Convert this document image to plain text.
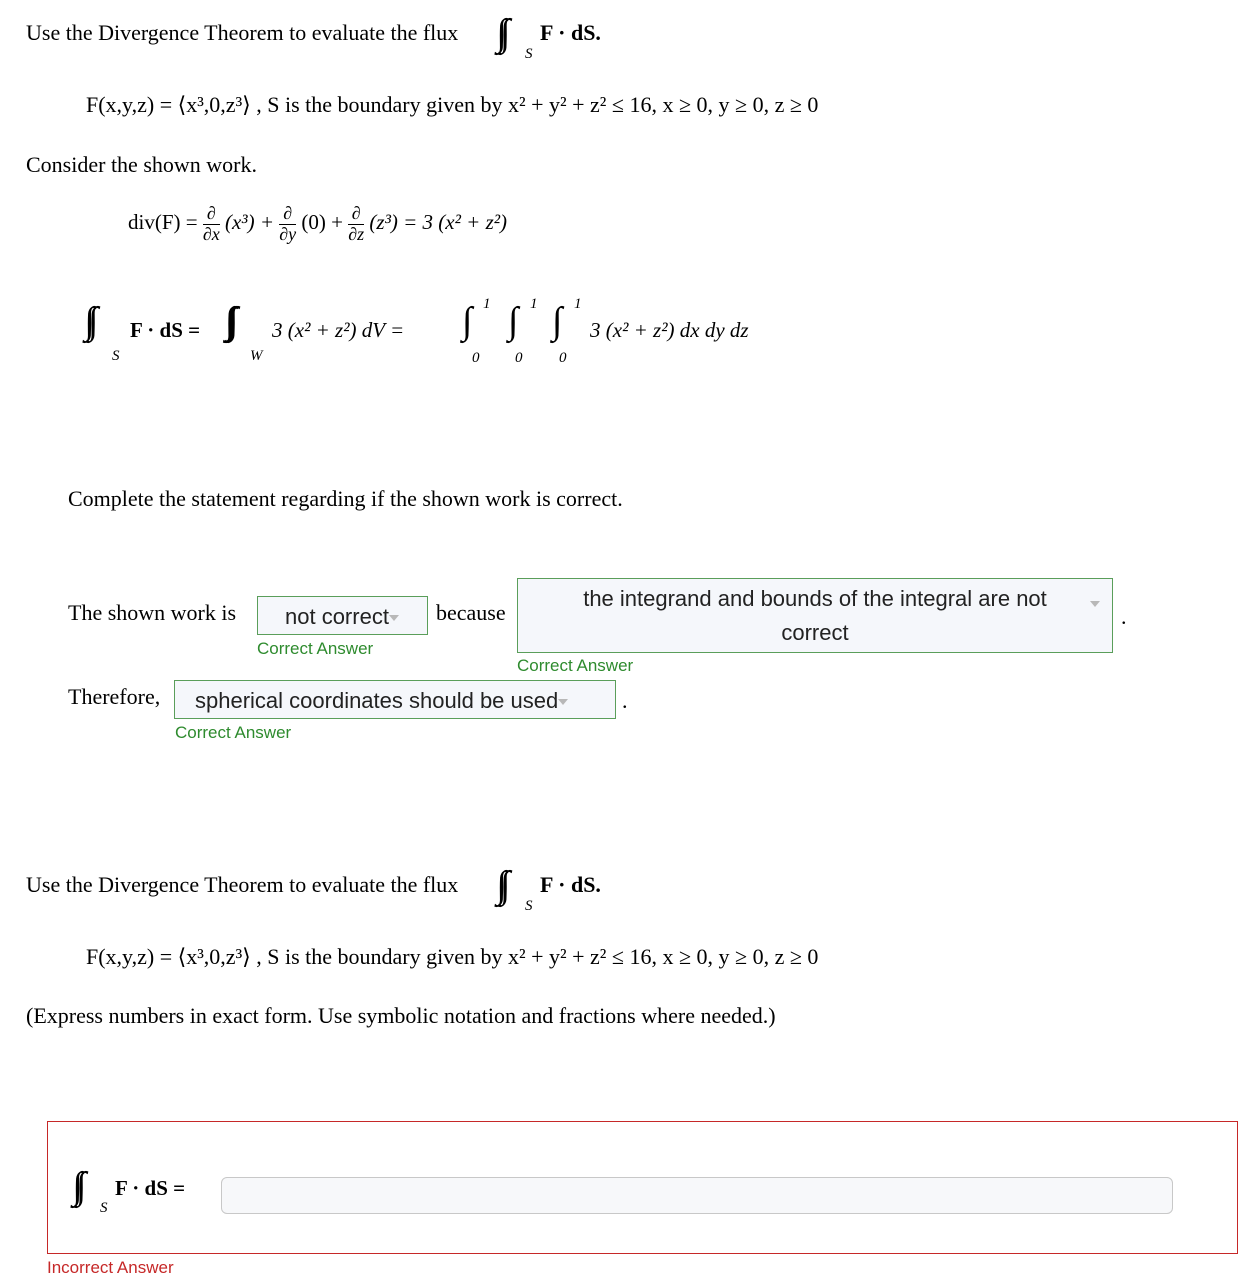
Use the Divergence Theorem to evaluate the flux
S
F · dS.
F(x,y,z) = ⟨x³,0,z³⟩ , S is the boundary given by x² + y² + z² ≤ 16, x ≥ 0, y ≥ 0, z ≥ 0
Consider the shown work.
$div(F) = \frac{\partial}{\partial x} (x^3) + \frac{\partial}{\partial y} (0) + \frac{\partial}{\partial z} (z^3) = 3$ (x² + z²)
S
F · dS =
W
3 (x² + z²) dV =
1
0
1
0
1
0
3 (x² + z²) dx dy dz
Complete the statement regarding if the shown work is correct.
The shown work is	not correct
Correct Answer
because
the integrand and bounds of the integral are not correct
.
Correct Answer
Therefore,	spherical coordinates should be used	.
Correct Answer
Use the Divergence Theorem to evaluate the flux
S
F · dS.
F(x,y,z) = ⟨x³,0,z³⟩ , S is the boundary given by x² + y² + z² ≤ 16, x ≥ 0, y ≥ 0, z ≥ 0
(Express numbers in exact form. Use symbolic notation and fractions where needed.)
S
F · dS =
Incorrect Answer
